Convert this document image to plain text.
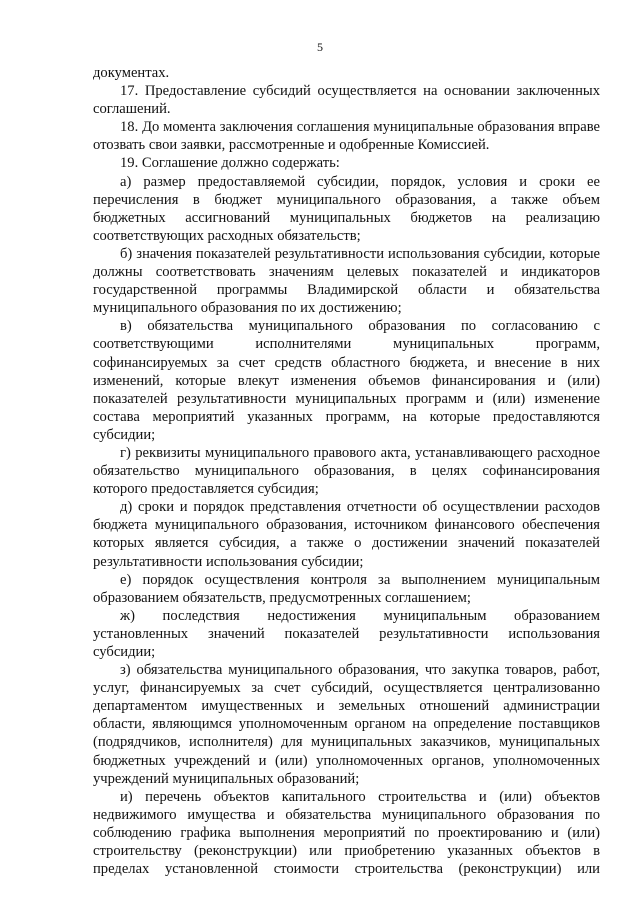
5

документах.

17. Предоставление субсидий осуществляется на основании заключенных соглашений.

18. До момента заключения соглашения муниципальные образования вправе отозвать свои заявки, рассмотренные и одобренные Комиссией.

19. Соглашение должно содержать:

а) размер предоставляемой субсидии, порядок, условия и сроки ее перечисления в бюджет муниципального образования, а также объем бюджетных ассигнований муниципальных бюджетов на реализацию соответствующих расходных обязательств;

б) значения показателей результативности использования субсидии, которые должны соответствовать значениям целевых показателей и индикаторов государственной программы Владимирской области и обязательства муниципального образования по их достижению;

в) обязательства муниципального образования по согласованию с соответствующими исполнителями муниципальных программ, софинансируемых за счет средств областного бюджета, и внесение в них изменений, которые влекут изменения объемов финансирования и (или) показателей результативности муниципальных программ и (или) изменение состава мероприятий указанных программ, на которые предоставляются субсидии;

г) реквизиты муниципального правового акта, устанавливающего расходное обязательство муниципального образования, в целях софинансирования которого предоставляется субсидия;

д) сроки и порядок представления отчетности об осуществлении расходов бюджета муниципального образования, источником финансового обеспечения которых является субсидия, а также о достижении значений показателей результативности использования субсидии;

е) порядок осуществления контроля за выполнением муниципальным образованием обязательств, предусмотренных соглашением;

ж) последствия недостижения муниципальным образованием установленных значений показателей результативности использования субсидии;

з) обязательства муниципального образования, что закупка товаров, работ, услуг, финансируемых за счет субсидий, осуществляется централизованно департаментом имущественных и земельных отношений администрации области, являющимся уполномоченным органом на определение поставщиков (подрядчиков, исполнителя) для муниципальных заказчиков, муниципальных бюджетных учреждений и (или) уполномоченных органов, уполномоченных учреждений муниципальных образований;

и) перечень объектов капитального строительства и (или) объектов недвижимого имущества и обязательства муниципального образования по соблюдению графика выполнения мероприятий по проектированию и (или) строительству (реконструкции) или приобретению указанных объектов в пределах установленной стоимости строительства (реконструкции) или
